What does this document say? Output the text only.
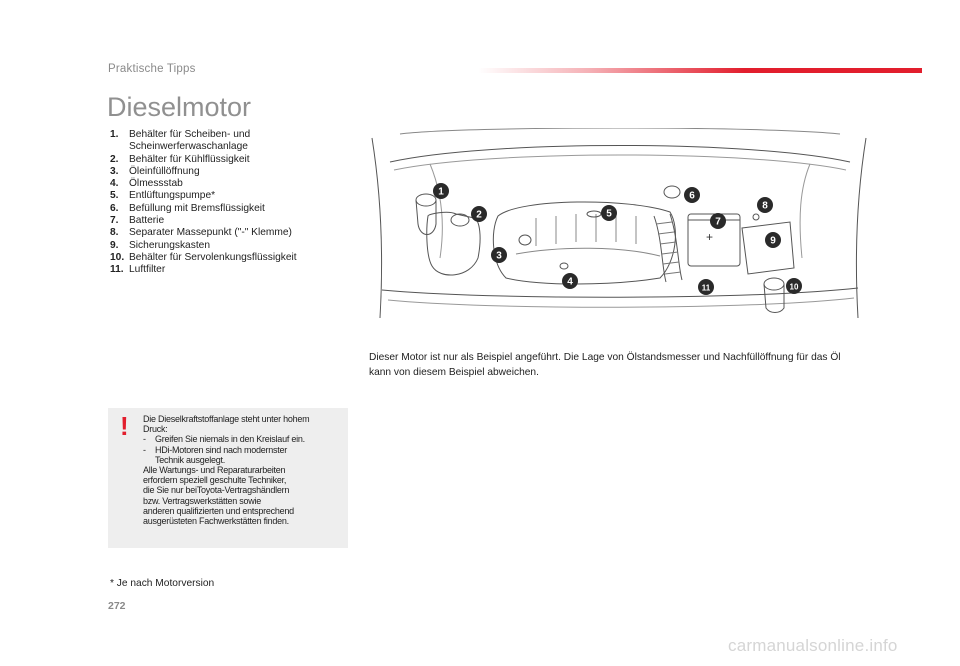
Praktische Tipps
Dieselmotor
1.	Behälter für Scheiben- und Scheinwerferwaschanlage
2.	Behälter für Kühlflüssigkeit
3.	Öleinfüllöffnung
4.	Ölmessstab
5.	Entlüftungspumpe*
6.	Befüllung mit Bremsflüssigkeit
7.	Batterie
8.	Separater Massepunkt ("-" Klemme)
9.	Sicherungskasten
10. Behälter für Servolenkungsflüssigkeit
11. Luftfilter
+
1
2
3
4
5
6
7
8
9
10
11
Dieser Motor ist nur als Beispiel angeführt. Die Lage von Ölstandsmesser und Nachfüllöffnung für das Öl kann von diesem Beispiel abweichen.
! Die Dieselkraftstoffanlage steht unter hohem
Druck:
-	Greifen Sie niemals in den Kreislauf ein.
-	HDi-Motoren sind nach modernster
Technik ausgelegt.
Alle Wartungs- und Reparaturarbeiten
erfordern speziell geschulte Techniker,
die Sie nur beiToyota-Vertragshändlern
bzw. Vertragswerkstätten sowie
anderen qualifizierten und entsprechend
ausgerüsteten Fachwerkstätten finden.
* Je nach Motorversion
272
carmanualsonline.info
